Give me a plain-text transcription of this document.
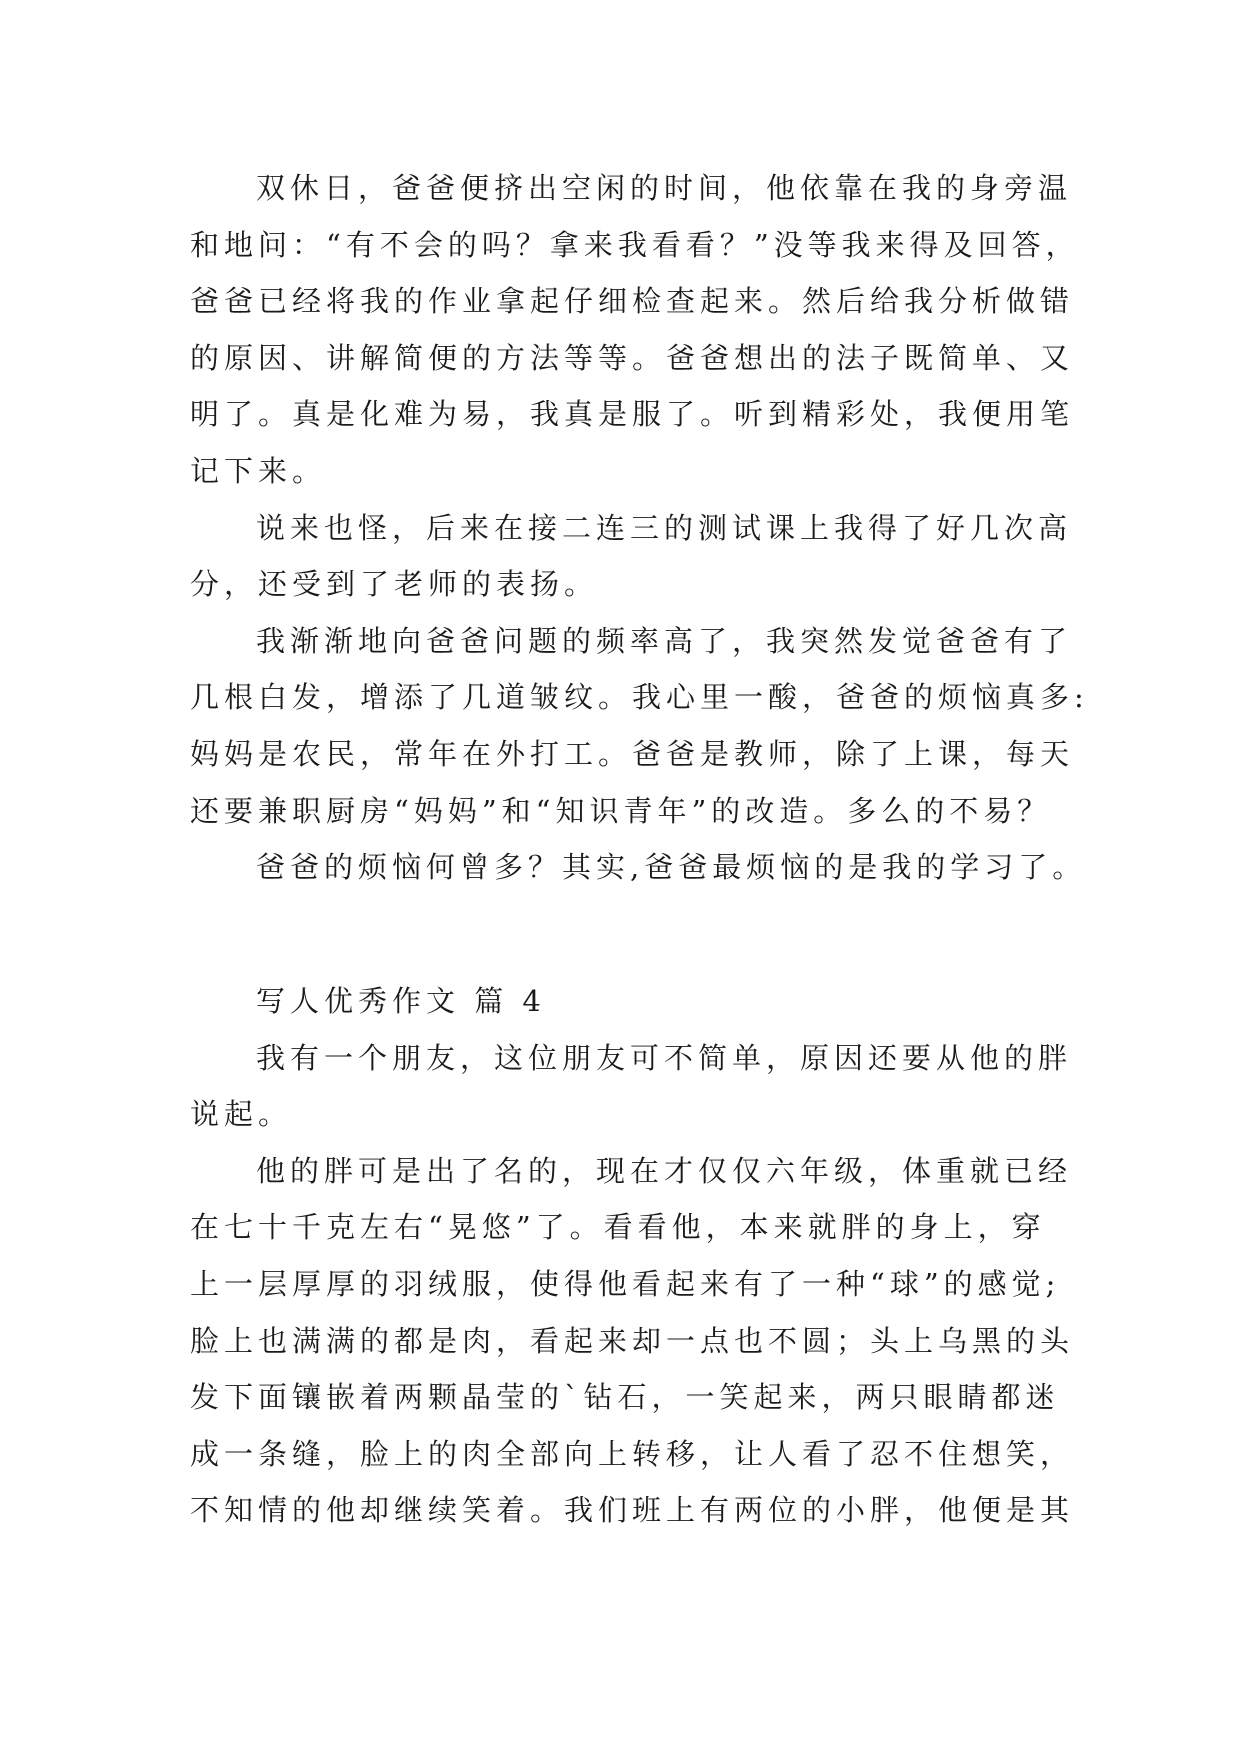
双休日，爸爸便挤出空闲的时间，他依靠在我的身旁温
和地问：“有不会的吗？拿来我看看？”没等我来得及回答，
爸爸已经将我的作业拿起仔细检查起来。然后给我分析做错
的原因、讲解简便的方法等等。爸爸想出的法子既简单、又
明了。真是化难为易，我真是服了。听到精彩处，我便用笔
记下来。
说来也怪，后来在接二连三的测试课上我得了好几次高
分，还受到了老师的表扬。
我渐渐地向爸爸问题的频率高了，我突然发觉爸爸有了
几根白发，增添了几道皱纹。我心里一酸，爸爸的烦恼真多:
妈妈是农民，常年在外打工。爸爸是教师，除了上课，每天
还要兼职厨房“妈妈”和“知识青年”的改造。多么的不易？
爸爸的烦恼何曾多？其实,爸爸最烦恼的是我的学习了。
写人优秀作文 篇 4
我有一个朋友，这位朋友可不简单，原因还要从他的胖
说起。
他的胖可是出了名的，现在才仅仅六年级，体重就已经
在七十千克左右“晃悠”了。看看他，本来就胖的身上，穿
上一层厚厚的羽绒服，使得他看起来有了一种“球”的感觉;
脸上也满满的都是肉，看起来却一点也不圆；头上乌黑的头
发下面镶嵌着两颗晶莹的`钻石，一笑起来，两只眼睛都迷
成一条缝，脸上的肉全部向上转移，让人看了忍不住想笑，
不知情的他却继续笑着。我们班上有两位的小胖，他便是其
